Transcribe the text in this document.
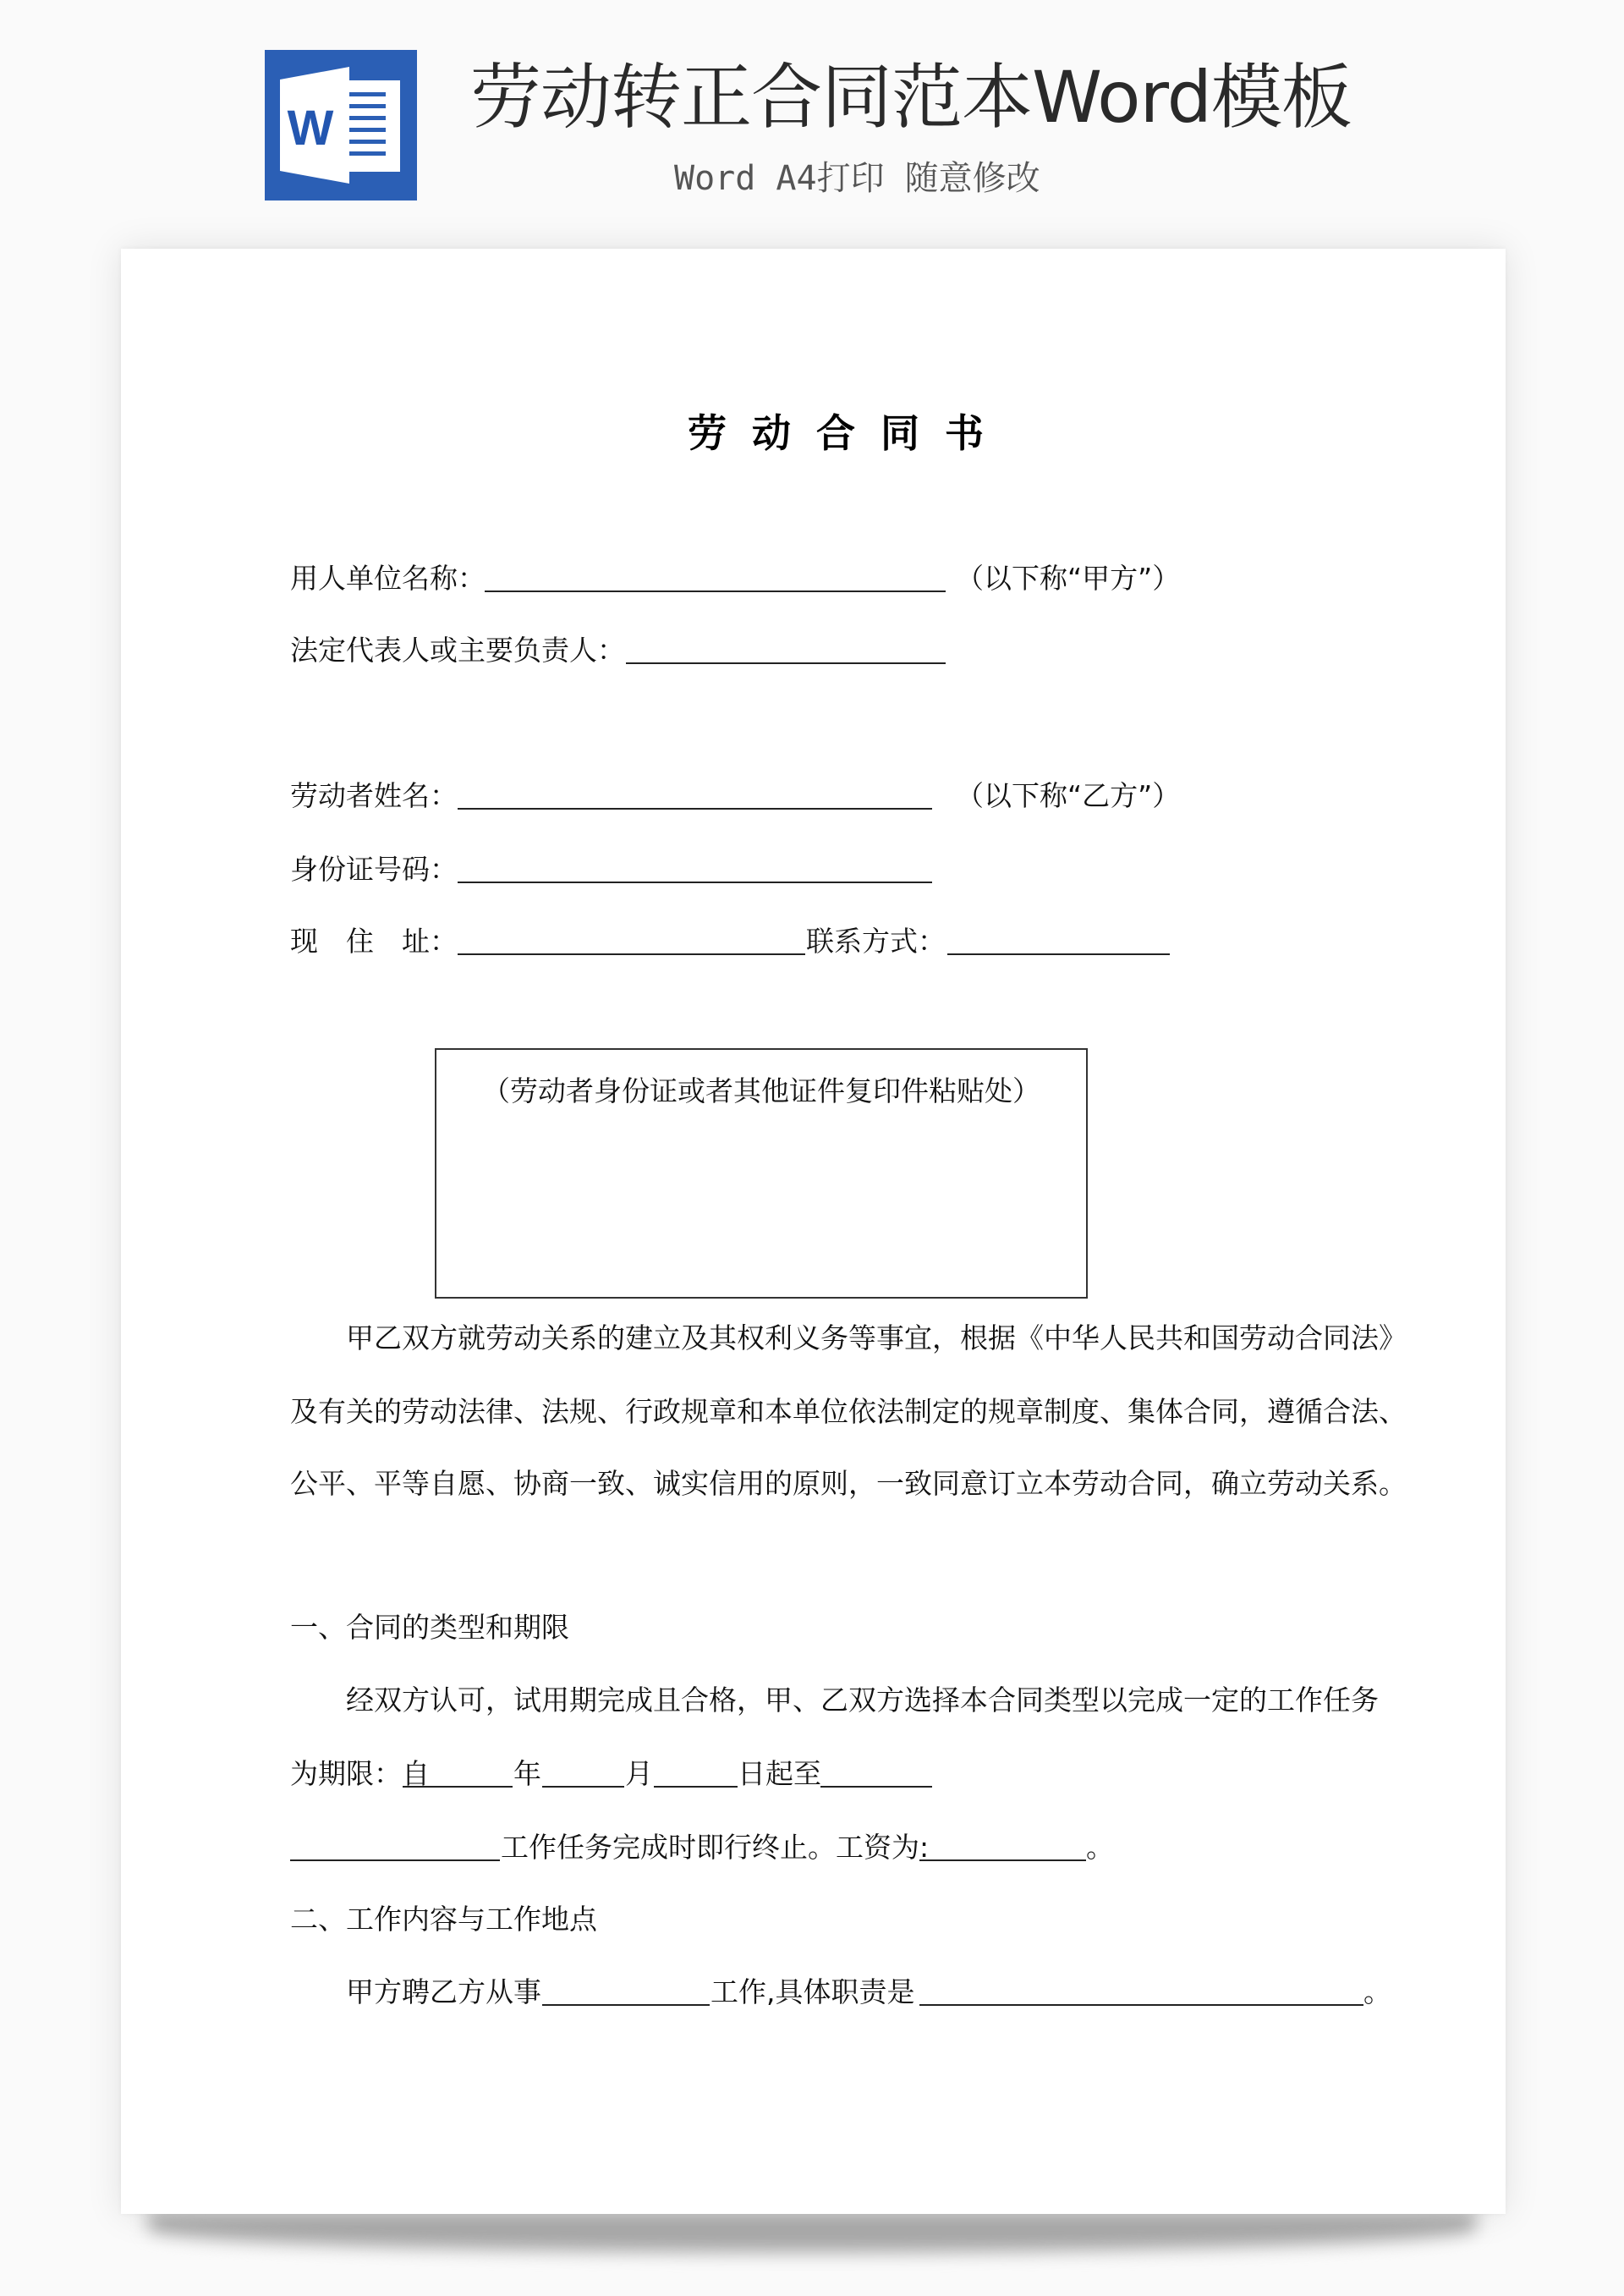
W 劳动转正合同范本Word模板
Word A4打印 随意修改
劳动合同书
用人单位名称：	（以下称“甲方”）
法定代表人或主要负责人：
劳动者姓名：	（以下称“乙方”）
身份证号码：
现　住　址：	联系方式：
（劳动者身份证或者其他证件复印件粘贴处）
甲乙双方就劳动关系的建立及其权利义务等事宜，根据《中华人民共和国劳动合同法》
及有关的劳动法律、法规、行政规章和本单位依法制定的规章制度、集体合同，遵循合法、
公平、平等自愿、协商一致、诚实信用的原则，一致同意订立本劳动合同，确立劳动关系。
一、合同的类型和期限
经双方认可，试用期完成且合格，甲、乙双方选择本合同类型以完成一定的工作任务
为期限：自	年	月	日起至
工作任务完成时即行终止。工资为:	。
二、工作内容与工作地点
甲方聘乙方从事	工作,具体职责是	。
